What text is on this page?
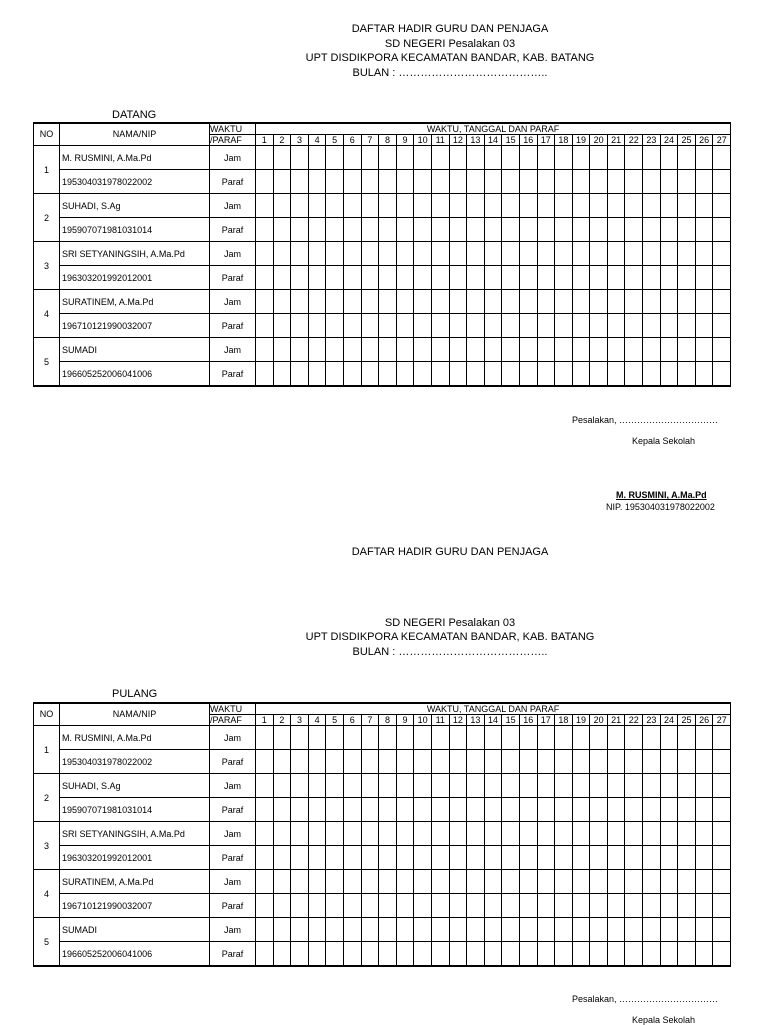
DAFTAR HADIR GURU DAN PENJAGA
SD NEGERI Pesalakan 03
UPT DISDIKPORA KECAMATAN BANDAR, KAB. BATANG
BULAN : …………………………………..
DATANG
NO	NAMA/NIP	WAKTU	WAKTU, TANGGAL DAN PARAF																										
		/PARAF	1	2	3	4	5	6	7	8	9	10	11	12	13	14	15	16	17	18	19	20	21	22	23	24	25	26	27
1	M. RUSMINI, A.Ma.Pd	Jam																											
	195304031978022002	Paraf																											
2	SUHADI, S.Ag	Jam																											
	195907071981031014	Paraf																											
3	SRI SETYANINGSIH, A.Ma.Pd	Jam																											
	196303201992012001	Paraf																											
4	SURATINEM, A.Ma.Pd	Jam																											
	196710121990032007	Paraf																											
5	SUMADI	Jam																											
	196605252006041006	Paraf																											
Pesalakan, ……………………………
Kepala Sekolah
M. RUSMINI, A.Ma.Pd
NIP. 195304031978022002
DAFTAR HADIR GURU DAN PENJAGA
SD NEGERI Pesalakan 03
UPT DISDIKPORA KECAMATAN BANDAR, KAB. BATANG
BULAN : …………………………………..
PULANG
NO	NAMA/NIP	WAKTU	WAKTU, TANGGAL DAN PARAF																										
		/PARAF	1	2	3	4	5	6	7	8	9	10	11	12	13	14	15	16	17	18	19	20	21	22	23	24	25	26	27
1	M. RUSMINI, A.Ma.Pd	Jam																											
	195304031978022002	Paraf																											
2	SUHADI, S.Ag	Jam																											
	195907071981031014	Paraf																											
3	SRI SETYANINGSIH, A.Ma.Pd	Jam																											
	196303201992012001	Paraf																											
4	SURATINEM, A.Ma.Pd	Jam																											
	196710121990032007	Paraf																											
5	SUMADI	Jam																											
	196605252006041006	Paraf																											
Pesalakan, ……………………………
Kepala Sekolah
